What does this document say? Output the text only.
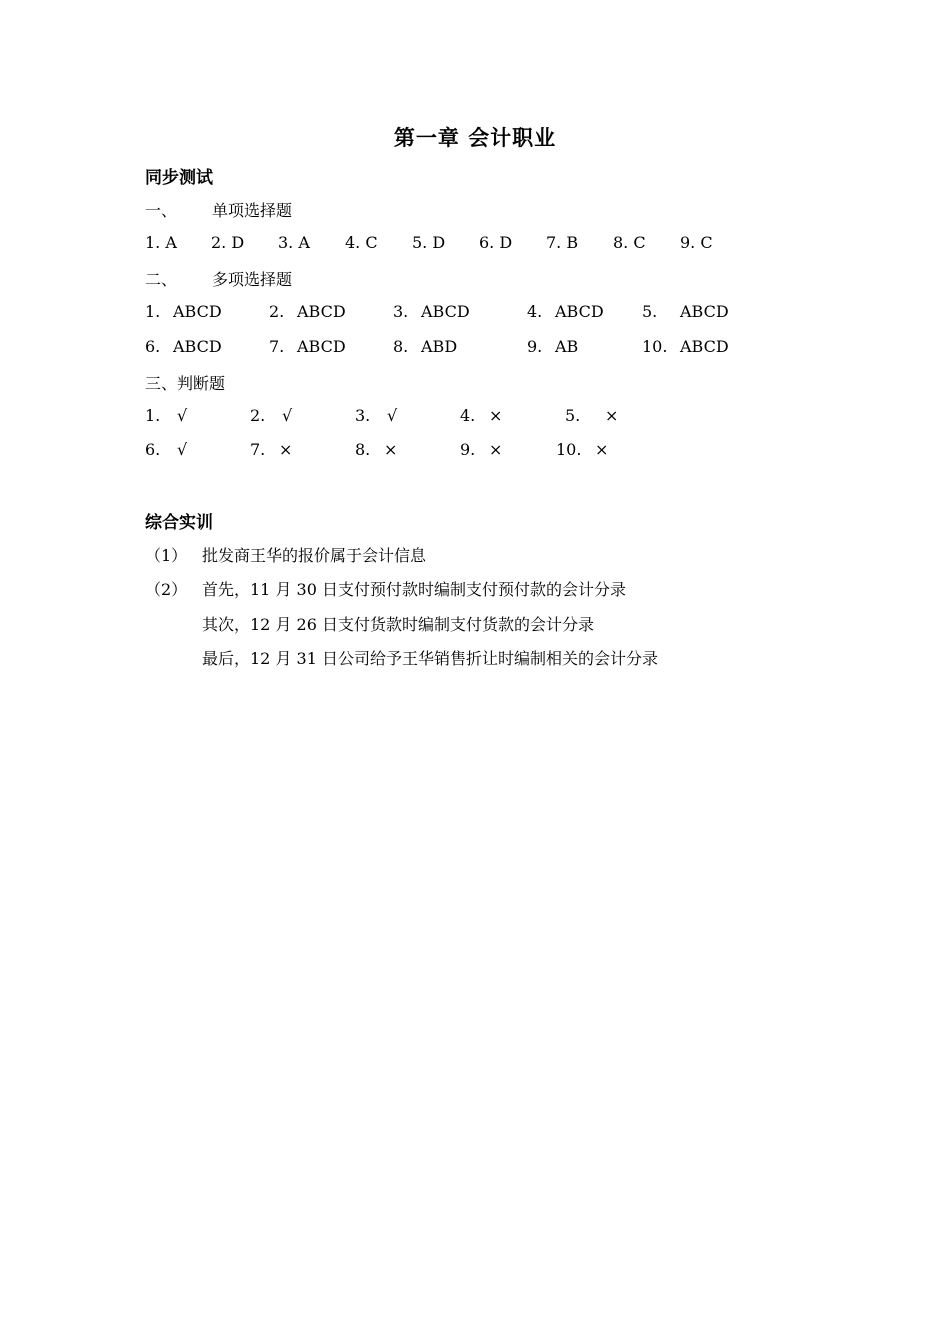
第一章 会计职业
同步测试
一、 单项选择题
1. A 2. D 3. A 4. C 5. D 6. D 7. B 8. C 9. C
二、 多项选择题
1. ABCD	2. ABCD	3. ABCD	4. ABCD 5. ABCD
6. ABCD	7. ABCD	8. ABD	9. AB	10. ABCD
三、判断题
1. √	2. √	3. √	4. ×	5. ×
6. √	7. ×	8. ×	9. ×	10. ×
综合实训
（1） 批发商王华的报价属于会计信息
（2） 首先，11 月 30 日支付预付款时编制支付预付款的会计分录
其次，12 月 26 日支付货款时编制支付货款的会计分录
最后，12 月 31 日公司给予王华销售折让时编制相关的会计分录
